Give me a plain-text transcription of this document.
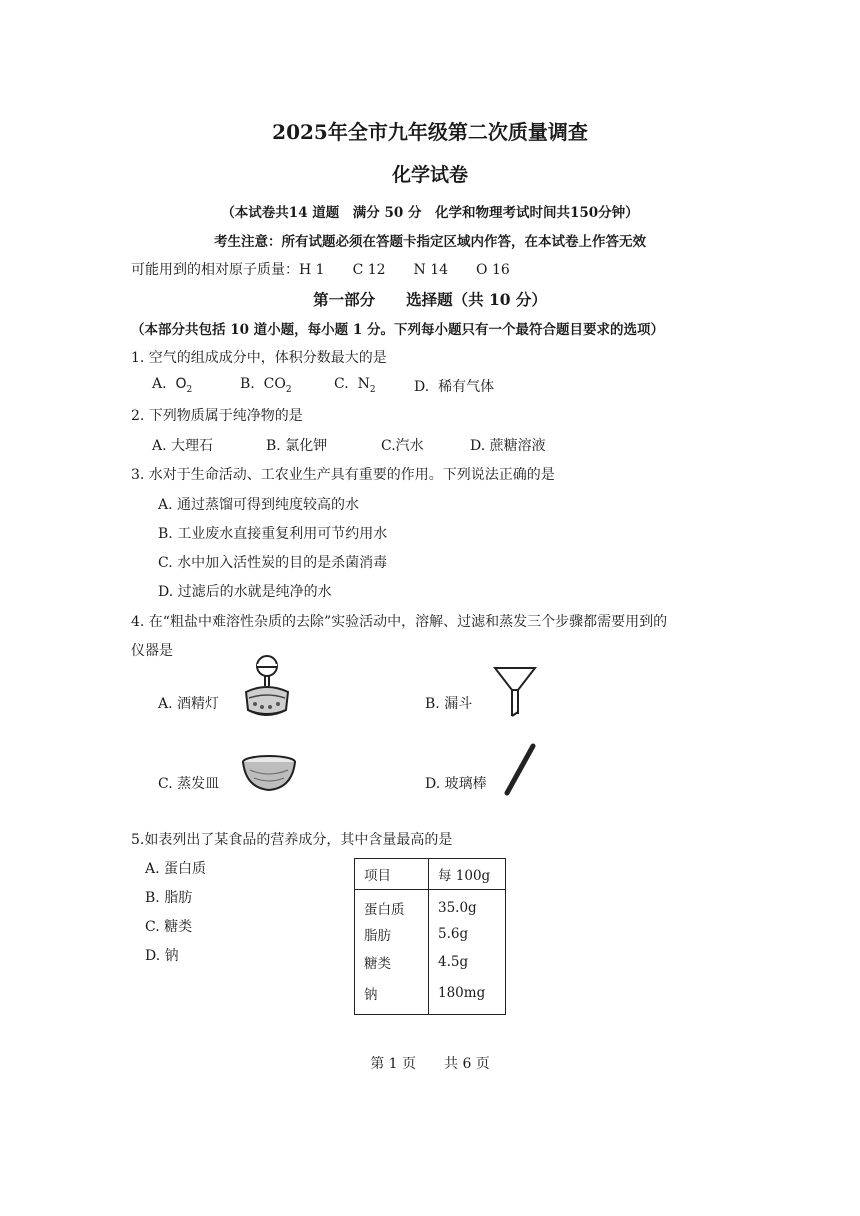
2025年全市九年级第二次质量调查
化学试卷
（本试卷共14 道题　满分 50 分　化学和物理考试时间共150分钟）
考生注意：所有试题必须在答题卡指定区域内作答，在本试卷上作答无效
可能用到的相对原子质量：H 1　　C 12　　N 14　　O 16
第一部分　　选择题（共 10 分）
（本部分共包括 10 道小题，每小题 1 分。下列每小题只有一个最符合题目要求的选项）
1. 空气的组成成分中，体积分数最大的是
A. $O_2$	B. $CO_2$	C. $N_2$	D. 稀有气体
2. 下列物质属于纯净物的是
A. 大理石	B. 氯化钾	C.汽水	D. 蔗糖溶液
3. 水对于生命活动、工农业生产具有重要的作用。下列说法正确的是
A. 通过蒸馏可得到纯度较高的水
B. 工业废水直接重复利用可节约用水
C. 水中加入活性炭的目的是杀菌消毒
D. 过滤后的水就是纯净的水
4. 在“粗盐中难溶性杂质的去除”实验活动中，溶解、过滤和蒸发三个步骤都需要用到的
仪器是
A. 酒精灯	B. 漏斗
C. 蒸发皿	D. 玻璃棒
5.如表列出了某食品的营养成分，其中含量最高的是
A. 蛋白质
B. 脂肪
C. 糖类
D. 钠
项目	每 100g
蛋白质	35.0g
脂肪	5.6g
糖类	4.5g
钠	180mg
第 1 页　　共 6 页
